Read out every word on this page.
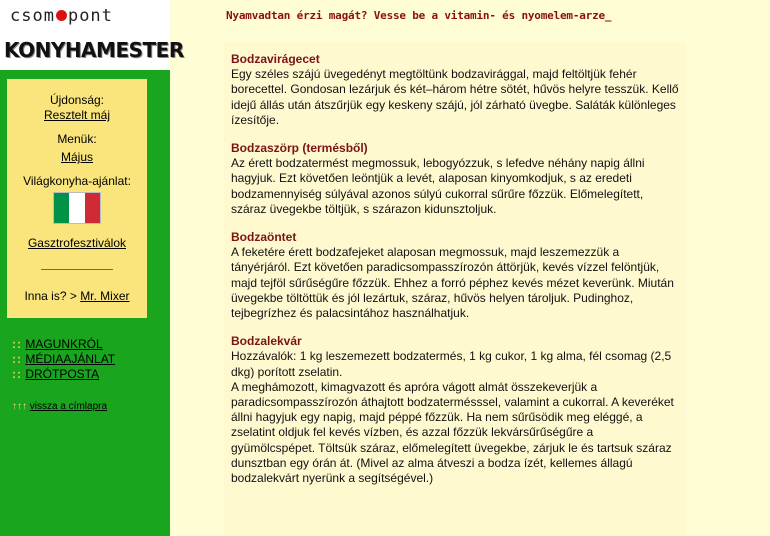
csom pont
KONYHAMESTER
Újdonság:
Resztelt máj
Menük:
Május
Világkonyha-ajánlat:
Gasztrofesztiválok
Inna is? > Mr. Mixer
:: MAGUNKRÓL
:: MÉDIAAJÁNLAT
:: DRÓTPOSTA
↑↑↑ vissza a címlapra
Nyamvadtan érzi magát? Vesse be a vitamin- és nyomelem-arze_
Bodzavirágecet

Egy széles szájú üvegedényt megtöltünk bodzavirággal, majd feltöltjük fehér borecettel. Gondosan lezárjuk és két–három hétre sötét, hűvös helyre tesszük. Kellő idejű állás után átszűrjük egy keskeny szájú, jól zárható üvegbe. Saláták különleges ízesítője.

Bodzaszörp (termésből)

Az érett bodzatermést megmossuk, lebogyózzuk, s lefedve néhány napig állni hagyjuk. Ezt követően leöntjük a levét, alaposan kinyomkodjuk, s az eredeti bodzamennyiség súlyával azonos súlyú cukorral sűrűre főzzük. Előmelegített, száraz üvegekbe töltjük, s szárazon kidunsztoljuk.

Bodzaöntet

A feketére érett bodzafejeket alaposan megmossuk, majd leszemezzük a tányérjáról. Ezt követően paradicsompasszírozón áttörjük, kevés vízzel felöntjük, majd tejföl sűrűségűre főzzük. Ehhez a forró péphez kevés mézet keverünk. Miután üvegekbe töltöttük és jól lezártuk, száraz, hűvös helyen tároljuk. Pudinghoz, tejbegrízhez és palacsintához használhatjuk.

Bodzalekvár

Hozzávalók: 1 kg leszemezett bodzatermés, 1 kg cukor, 1 kg alma, fél csomag (2,5 dkg) porított zselatin.

A meghámozott, kimagvazott és apróra vágott almát összekeverjük a paradicsompasszírozón áthajtott bodzatermésssel, valamint a cukorral. A keveréket állni hagyjuk egy napig, majd péppé főzzük. Ha nem sűrűsödik meg eléggé, a zselatint oldjuk fel kevés vízben, és azzal főzzük lekvársűrűségűre a gyümölcspépet. Töltsük száraz, előmelegített üvegekbe, zárjuk le és tartsuk száraz dunsztban egy órán át. (Mivel az alma átveszi a bodza ízét, kellemes állagú bodzalekvárt nyerünk a segítségével.)
